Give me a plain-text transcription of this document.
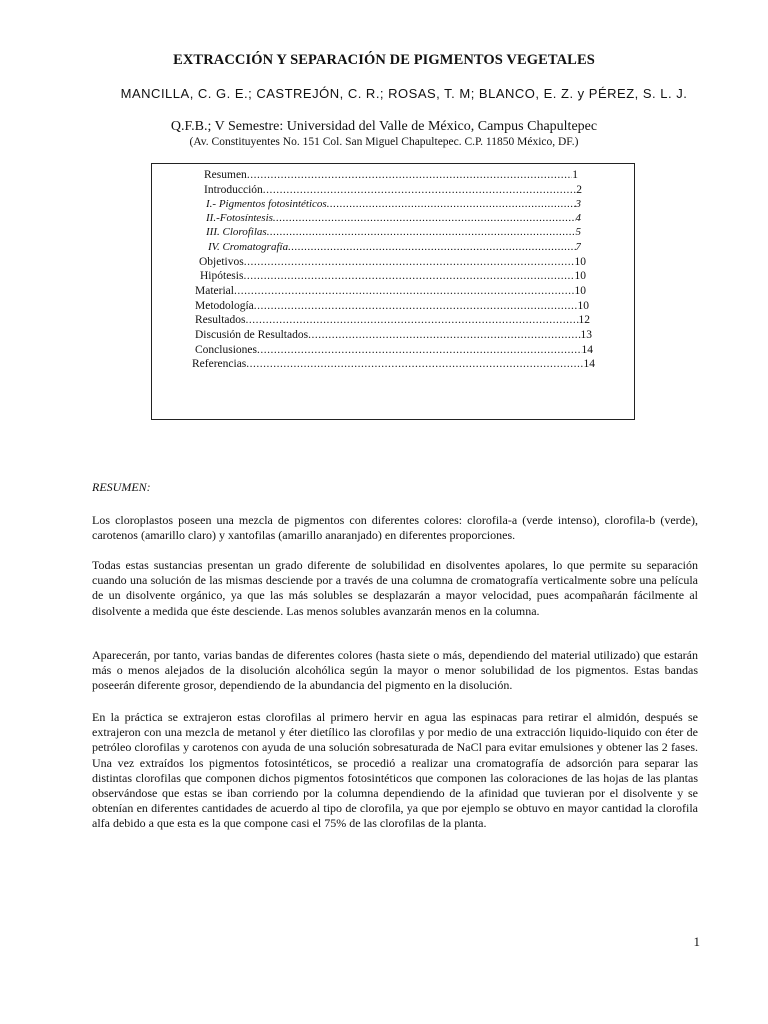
EXTRACCIÓN Y SEPARACIÓN DE PIGMENTOS VEGETALES
MANCILLA, C. G. E.; CASTREJÓN, C. R.; ROSAS, T. M; BLANCO, E. Z. y PÉREZ, S. L. J.
Q.F.B.; V Semestre: Universidad del Valle de México, Campus Chapultepec
(Av. Constituyentes No. 151 Col. San Miguel Chapultepec. C.P. 11850 México, DF.)
Resumen .....	1
Introducción .....	2
I.- Pigmentos fotosintéticos .....	3
II.-Fotosíntesis .....	4
III. Clorofilas .....	5
IV. Cromatografía .....	7
Objetivos .....	10
Hipótesis .....	10
Material .....	10
Metodología .....	10
Resultados .....	12
Discusión de Resultados .....	13
Conclusiones .....	14
Referencias .....	14
RESUMEN:

Los cloroplastos poseen una mezcla de pigmentos con diferentes colores: clorofila-a (verde intenso), clorofila-b (verde), carotenos (amarillo claro) y xantofilas (amarillo anaranjado) en diferentes proporciones.

Todas estas sustancias presentan un grado diferente de solubilidad en disolventes apolares, lo que permite su separación cuando una solución de las mismas desciende por a través de una columna de cromatografía verticalmente sobre una película de un disolvente orgánico, ya que las más solubles se desplazarán a mayor velocidad, pues acompañarán fácilmente al disolvente a medida que éste desciende. Las menos solubles avanzarán menos en la columna.

Aparecerán, por tanto, varias bandas de diferentes colores (hasta siete o más, dependiendo del material utilizado) que estarán más o menos alejados de la disolución alcohólica según la mayor o menor solubilidad de los pigmentos. Estas bandas poseerán diferente grosor, dependiendo de la abundancia del pigmento en la disolución.

En la práctica se extrajeron estas clorofilas al primero hervir en agua las espinacas para retirar el almidón, después se extrajeron con una mezcla de metanol y éter dietílico las clorofilas y por medio de una extracción liquido-liquido con éter de petróleo clorofilas y carotenos con ayuda de una solución sobresaturada de NaCl para evitar emulsiones y obtener las 2 fases. Una vez extraídos los pigmentos fotosintéticos, se procedió a realizar una cromatografía de adsorción para separar las distintas clorofilas que componen dichos pigmentos fotosintéticos que componen las coloraciones de las hojas de las plantas observándose que estas se iban corriendo por la columna dependiendo de la afinidad que tuvieran por el disolvente y se obtenían en diferentes cantidades de acuerdo al tipo de clorofila, ya que por ejemplo se obtuvo en mayor cantidad la clorofila alfa debido a que esta es la que compone casi el 75% de las clorofilas de la planta.

1
